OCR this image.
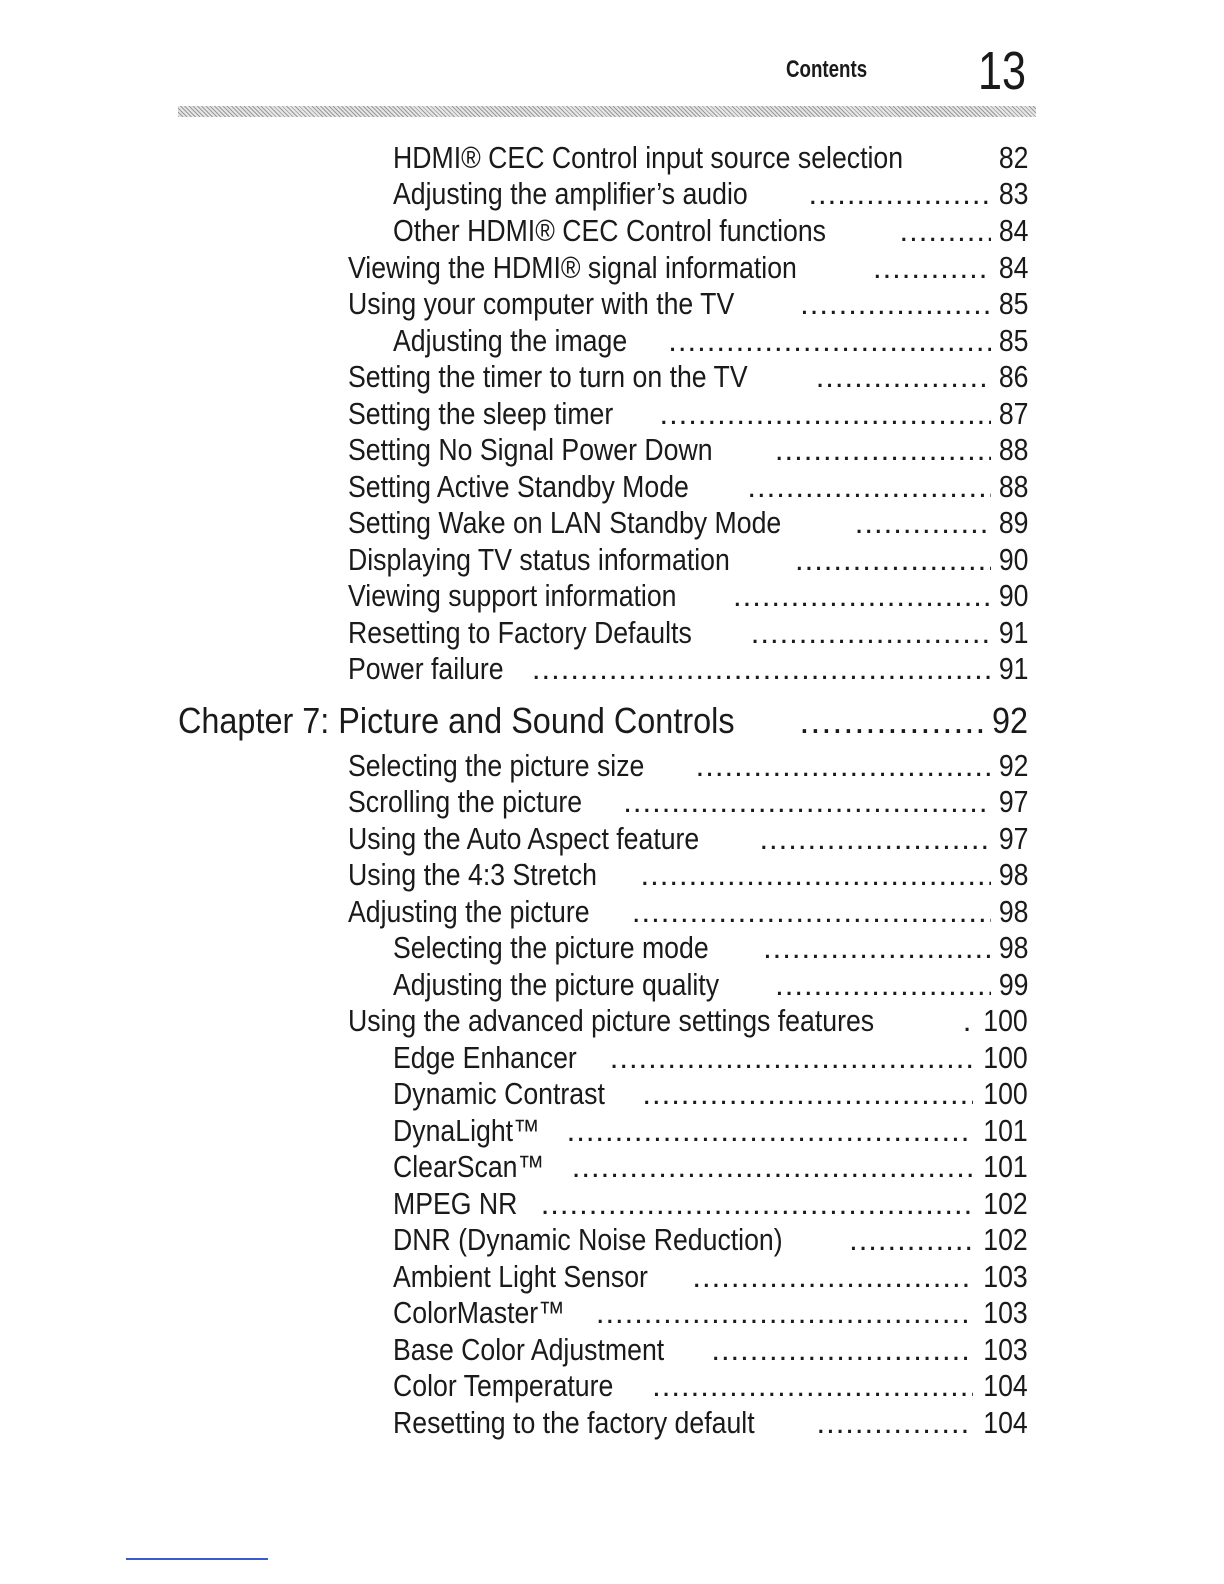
Contents 13
HDMI® CEC Control input source selection .....	82
Adjusting the amplifier’s audio .....	83
Other HDMI® CEC Control functions .....	84
Viewing the HDMI® signal information .....	84
Using your computer with the TV .....	85
Adjusting the image .....	85
Setting the timer to turn on the TV .....	86
Setting the sleep timer .....	87
Setting No Signal Power Down .....	88
Setting Active Standby Mode .....	88
Setting Wake on LAN Standby Mode .....	89
Displaying TV status information .....	90
Viewing support information .....	90
Resetting to Factory Defaults .....	91
Power failure .....	91
Chapter 7: Picture and Sound Controls .....	92
Selecting the picture size .....	92
Scrolling the picture .....	97
Using the Auto Aspect feature .....	97
Using the 4:3 Stretch .....	98
Adjusting the picture .....	98
Selecting the picture mode .....	98
Adjusting the picture quality .....	99
Using the advanced picture settings features .....	100
Edge Enhancer .....	100
Dynamic Contrast .....	100
DynaLight™ .....	101
ClearScan™ .....	101
MPEG NR .....	102
DNR (Dynamic Noise Reduction) .....	102
Ambient Light Sensor .....	103
ColorMaster™ .....	103
Base Color Adjustment .....	103
Color Temperature .....	104
Resetting to the factory default .....	104
